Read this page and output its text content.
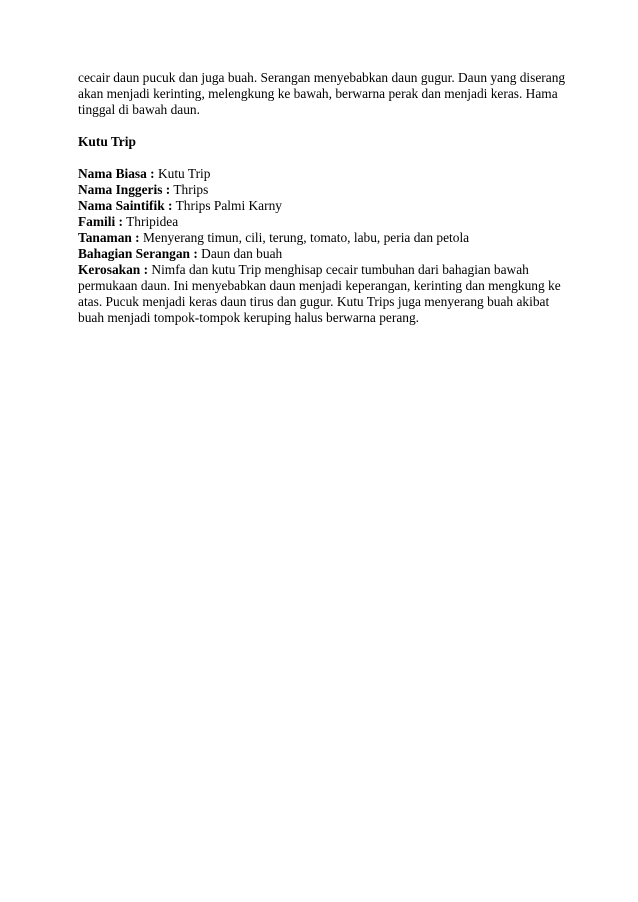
cecair daun pucuk dan juga buah. Serangan menyebabkan daun gugur. Daun yang diserang akan menjadi kerinting, melengkung ke bawah, berwarna perak dan menjadi keras. Hama tinggal di bawah daun.

Kutu Trip

Nama Biasa : Kutu Trip

Nama Inggeris : Thrips

Nama Saintifik : Thrips Palmi Karny

Famili : Thripidea

Tanaman : Menyerang timun, cili, terung, tomato, labu, peria dan petola

Bahagian Serangan : Daun dan buah

Kerosakan : Nimfa dan kutu Trip menghisap cecair tumbuhan dari bahagian bawah permukaan daun. Ini menyebabkan daun menjadi keperangan, kerinting dan mengkung ke atas. Pucuk menjadi keras daun tirus dan gugur. Kutu Trips juga menyerang buah akibat buah menjadi tompok-tompok keruping halus berwarna perang.
